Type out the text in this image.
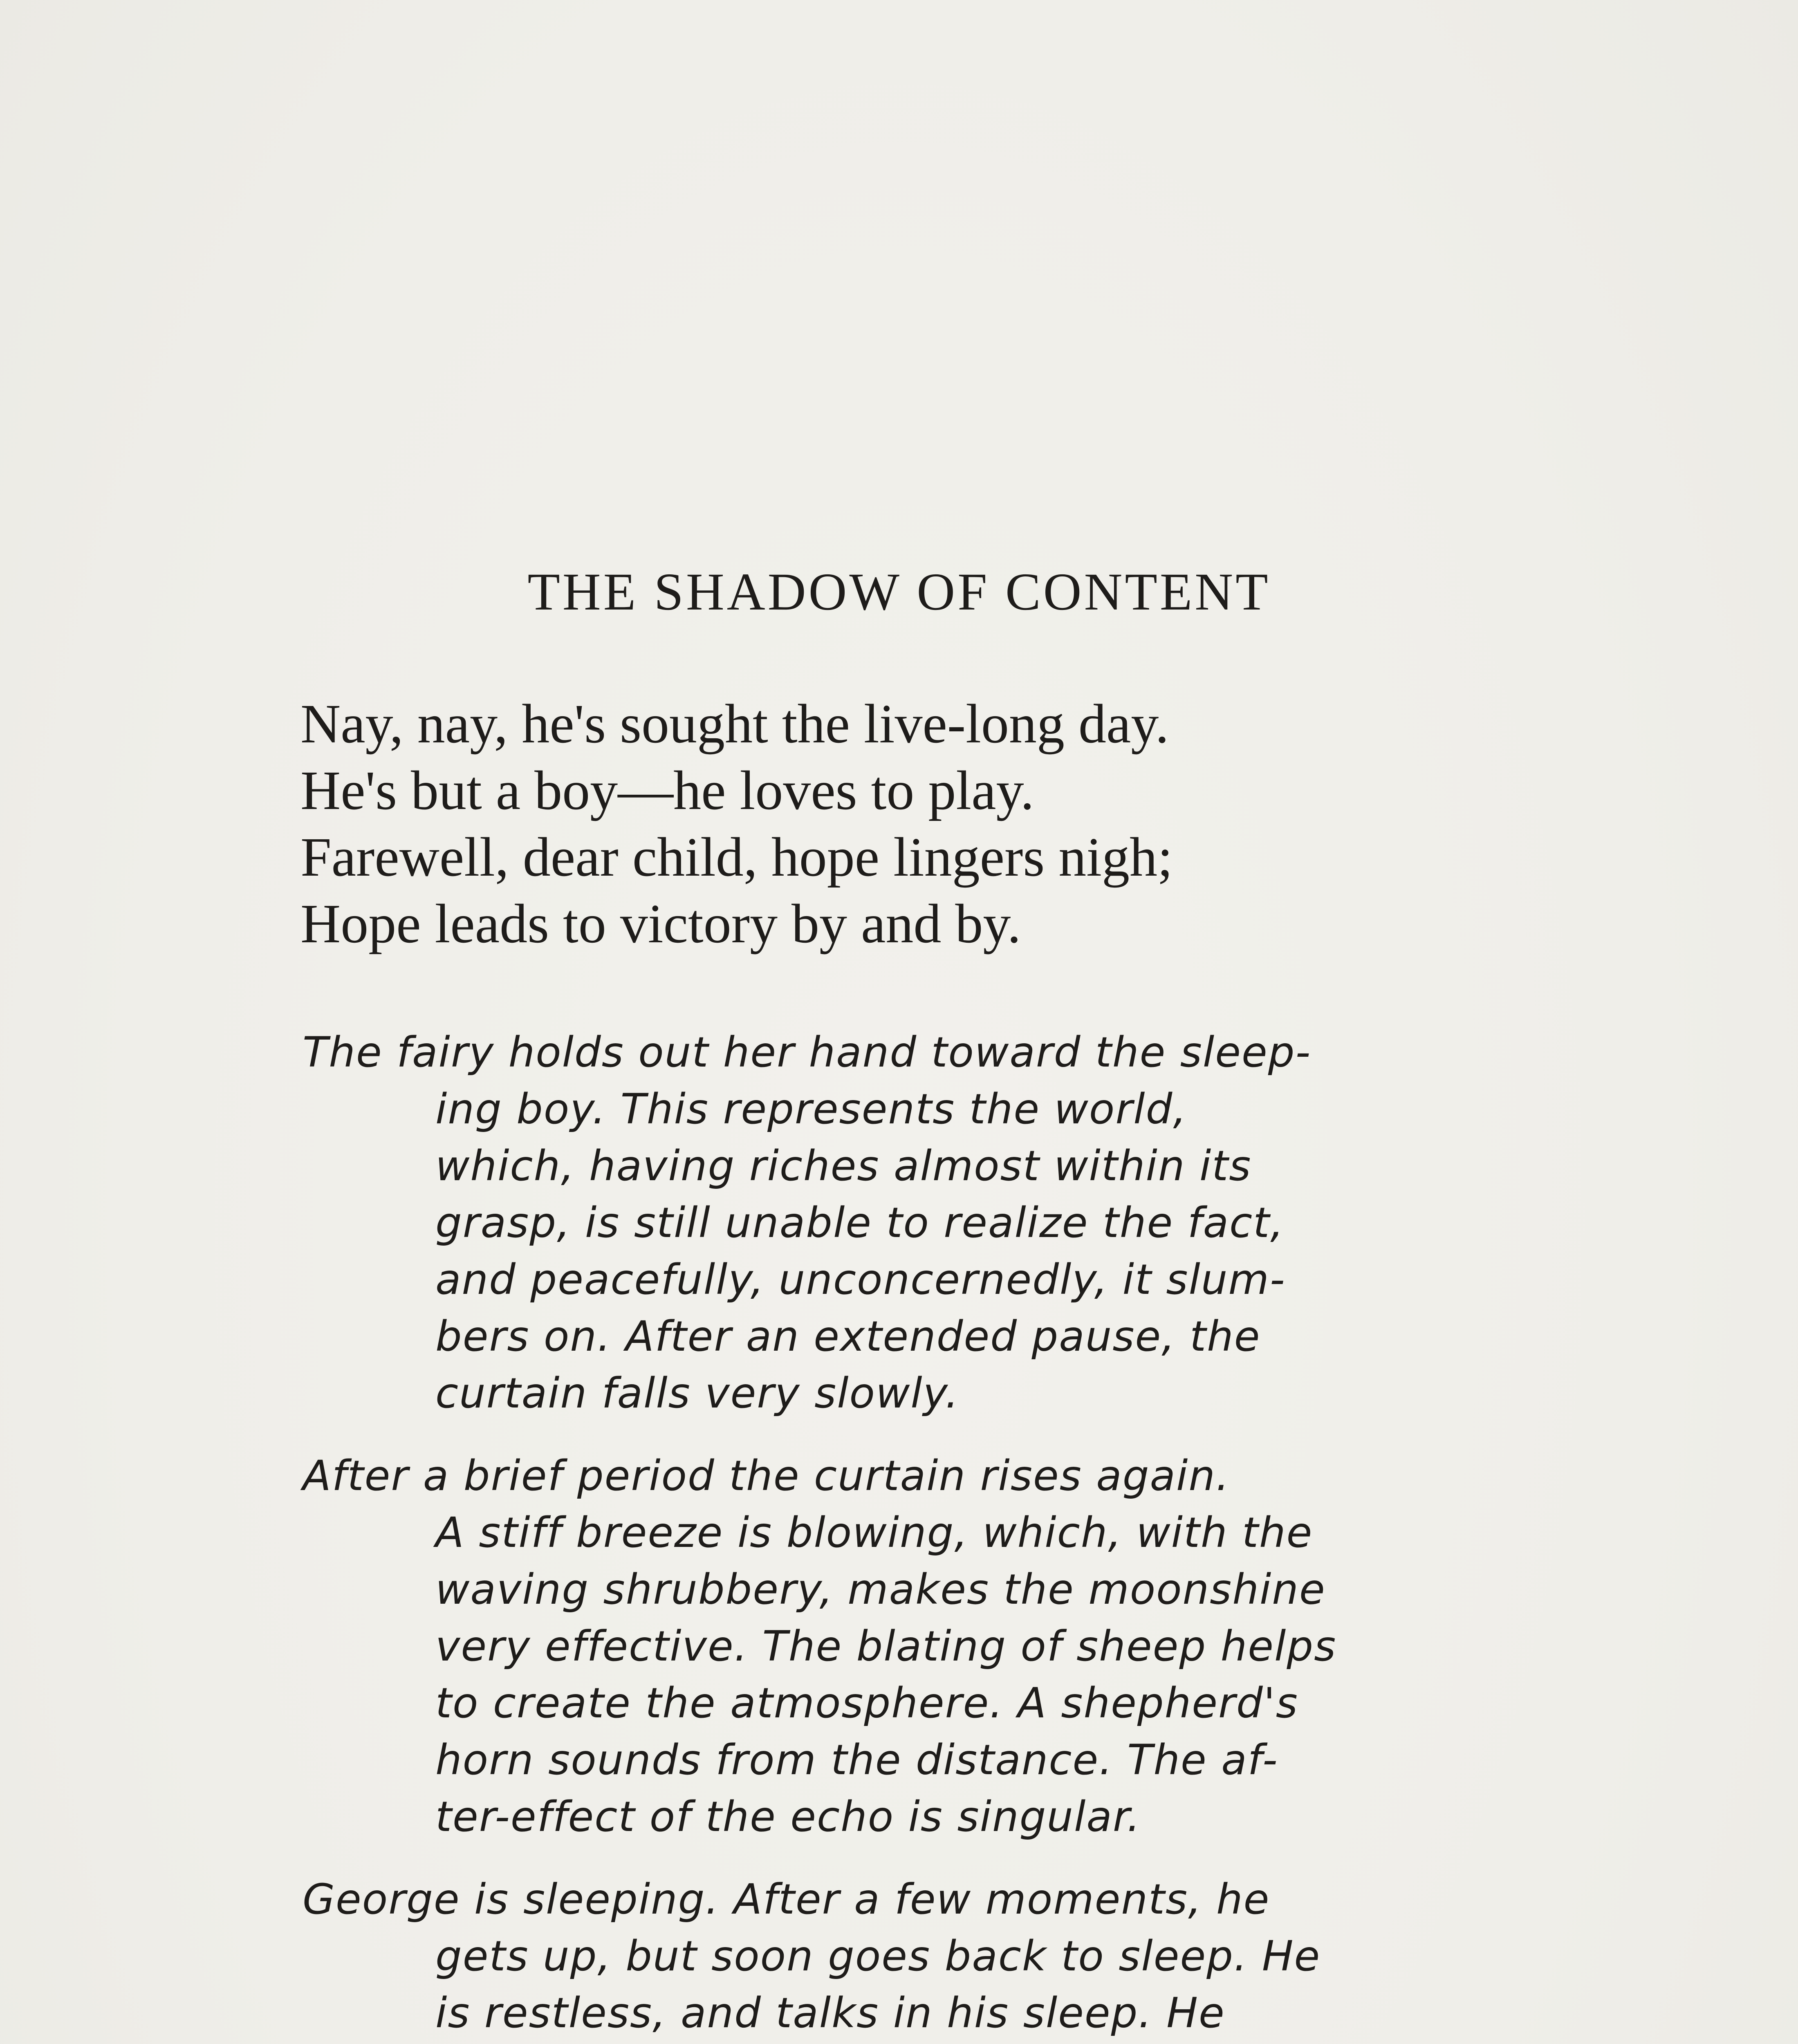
THE SHADOW OF CONTENT
Nay, nay, he's sought the live-long day.
He's but a boy—he loves to play.
Farewell, dear child, hope lingers nigh;
Hope leads to victory by and by.
The fairy holds out her hand toward the sleep-
ing boy. This represents the world,
which, having riches almost within its
grasp, is still unable to realize the fact,
and peacefully, unconcernedly, it slum-
bers on. After an extended pause, the
curtain falls very slowly.
After a brief period the curtain rises again.
A stiff breeze is blowing, which, with the
waving shrubbery, makes the moonshine
very effective. The blating of sheep helps
to create the atmosphere. A shepherd's
horn sounds from the distance. The af-
ter-effect of the echo is singular.
George is sleeping. After a few moments, he
gets up, but soon goes back to sleep. He
is restless, and talks in his sleep. He
